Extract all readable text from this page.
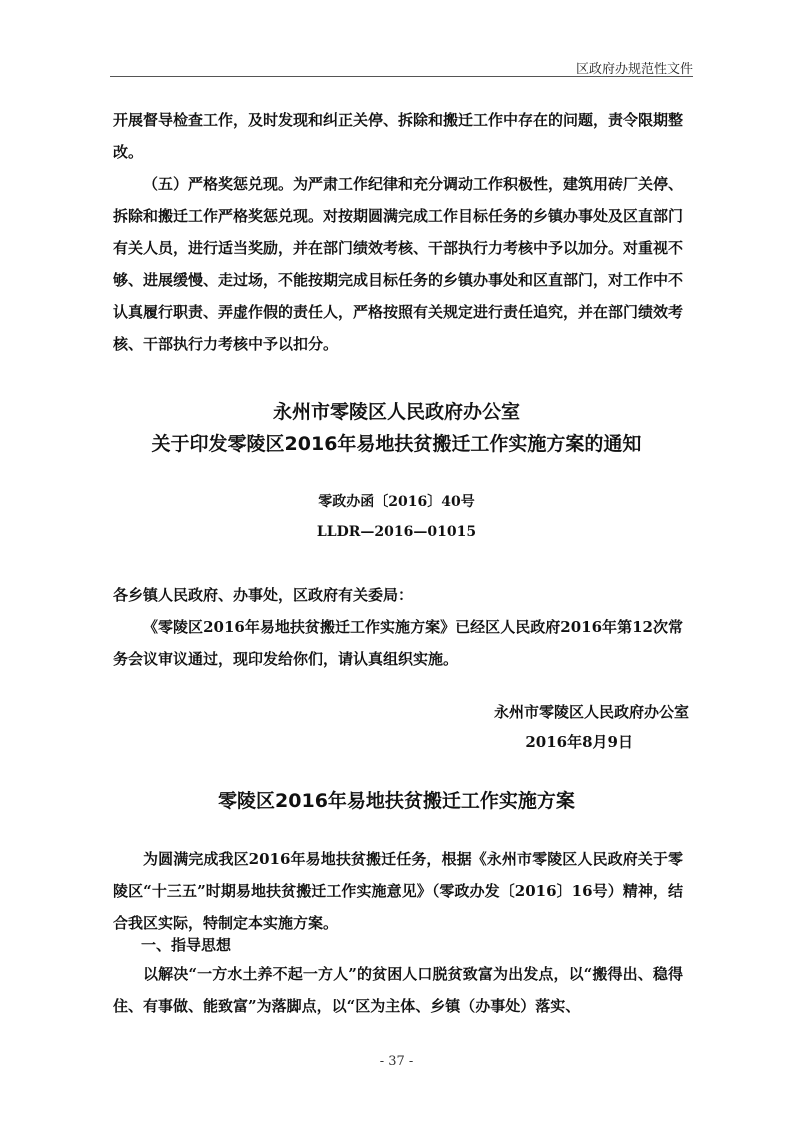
区政府办规范性文件

开展督导检查工作，及时发现和纠正关停、拆除和搬迁工作中存在的问题，责令限期整改。

（五）严格奖惩兑现。为严肃工作纪律和充分调动工作积极性，建筑用砖厂关停、拆除和搬迁工作严格奖惩兑现。对按期圆满完成工作目标任务的乡镇办事处及区直部门有关人员，进行适当奖励，并在部门绩效考核、干部执行力考核中予以加分。对重视不够、进展缓慢、走过场，不能按期完成目标任务的乡镇办事处和区直部门，对工作中不认真履行职责、弄虚作假的责任人，严格按照有关规定进行责任追究，并在部门绩效考核、干部执行力考核中予以扣分。

永州市零陵区人民政府办公室

关于印发零陵区2016年易地扶贫搬迁工作实施方案的通知

零政办函〔2016〕40号
LLDR—2016—01015

各乡镇人民政府、办事处，区政府有关委局：

《零陵区2016年易地扶贫搬迁工作实施方案》已经区人民政府2016年第12次常务会议审议通过，现印发给你们，请认真组织实施。

永州市零陵区人民政府办公室
2016年8月9日

零陵区2016年易地扶贫搬迁工作实施方案

为圆满完成我区2016年易地扶贫搬迁任务，根据《永州市零陵区人民政府关于零陵区“十三五”时期易地扶贫搬迁工作实施意见》（零政办发〔2016〕16号）精神，结合我区实际，特制定本实施方案。

一、指导思想

以解决“一方水土养不起一方人”的贫困人口脱贫致富为出发点，以“搬得出、稳得住、有事做、能致富”为落脚点，以“区为主体、乡镇（办事处）落实、

- 37 -
